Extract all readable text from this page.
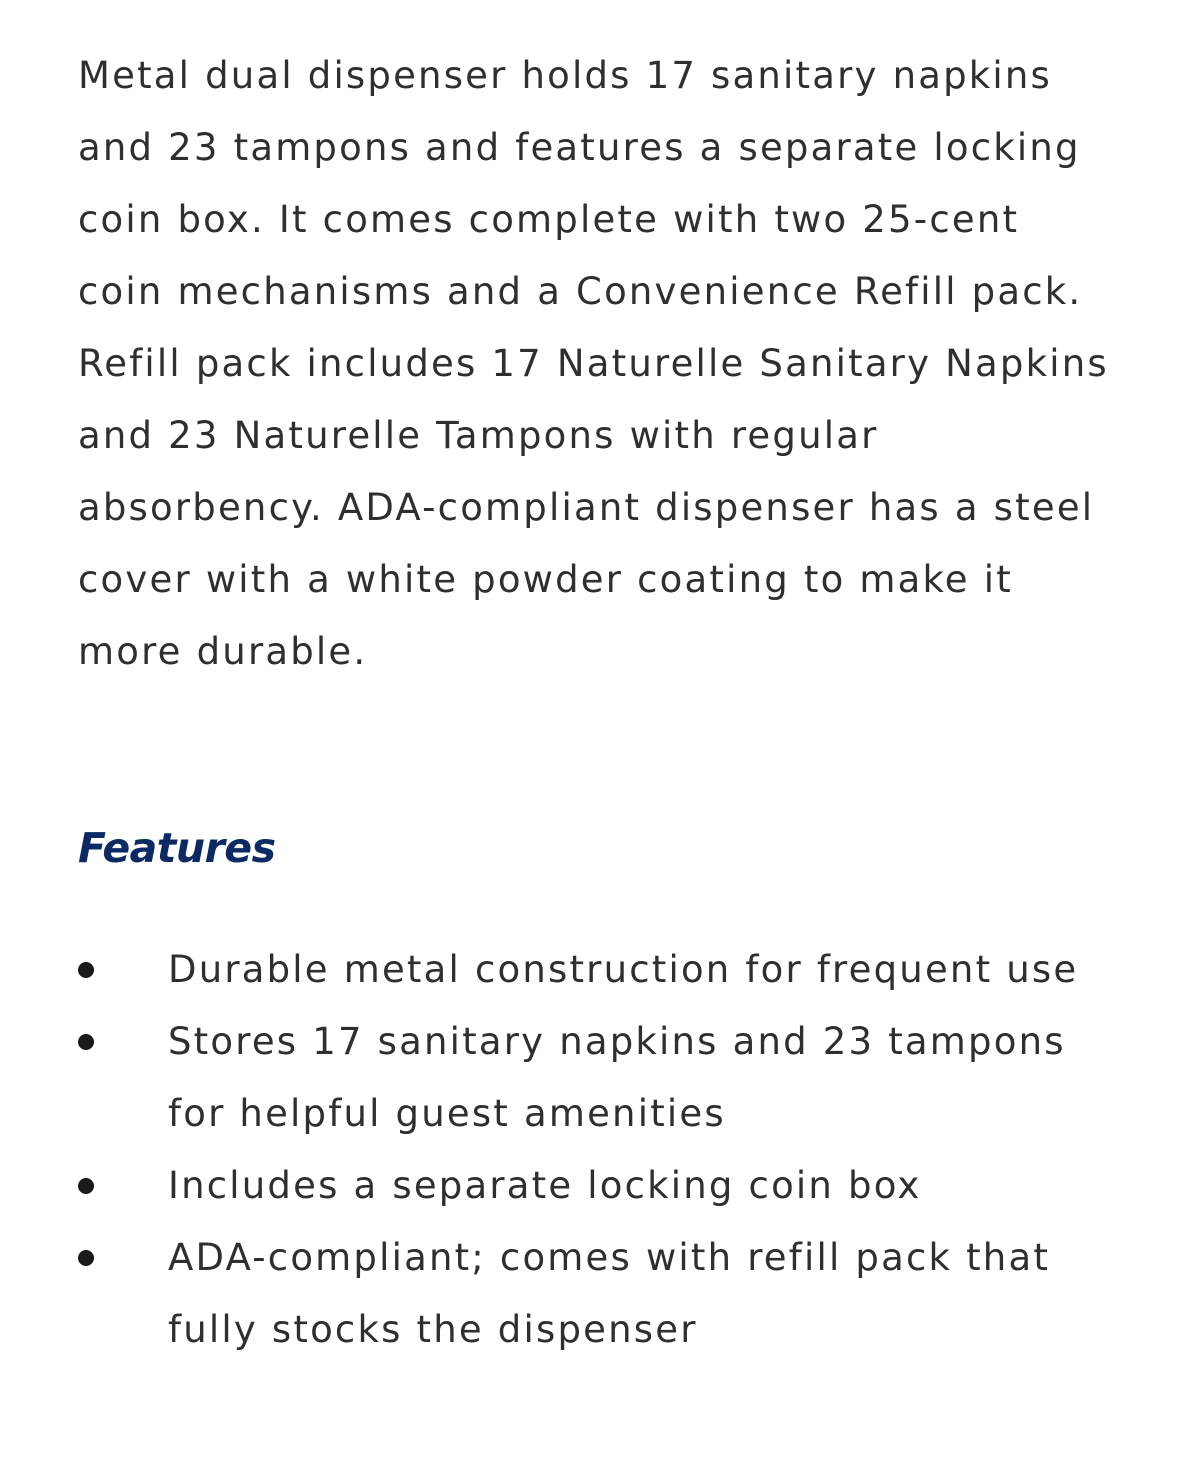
Metal dual dispenser holds 17 sanitary napkins and 23 tampons and features a separate locking coin box. It comes complete with two 25-cent coin mechanisms and a Convenience Refill pack. Refill pack includes 17 Naturelle Sanitary Napkins and 23 Naturelle Tampons with regular absorbency. ADA-compliant dispenser has a steel cover with a white powder coating to make it more durable.

Features
Durable metal construction for frequent use
Stores 17 sanitary napkins and 23 tampons for helpful guest amenities
Includes a separate locking coin box
ADA-compliant; comes with refill pack that fully stocks the dispenser
